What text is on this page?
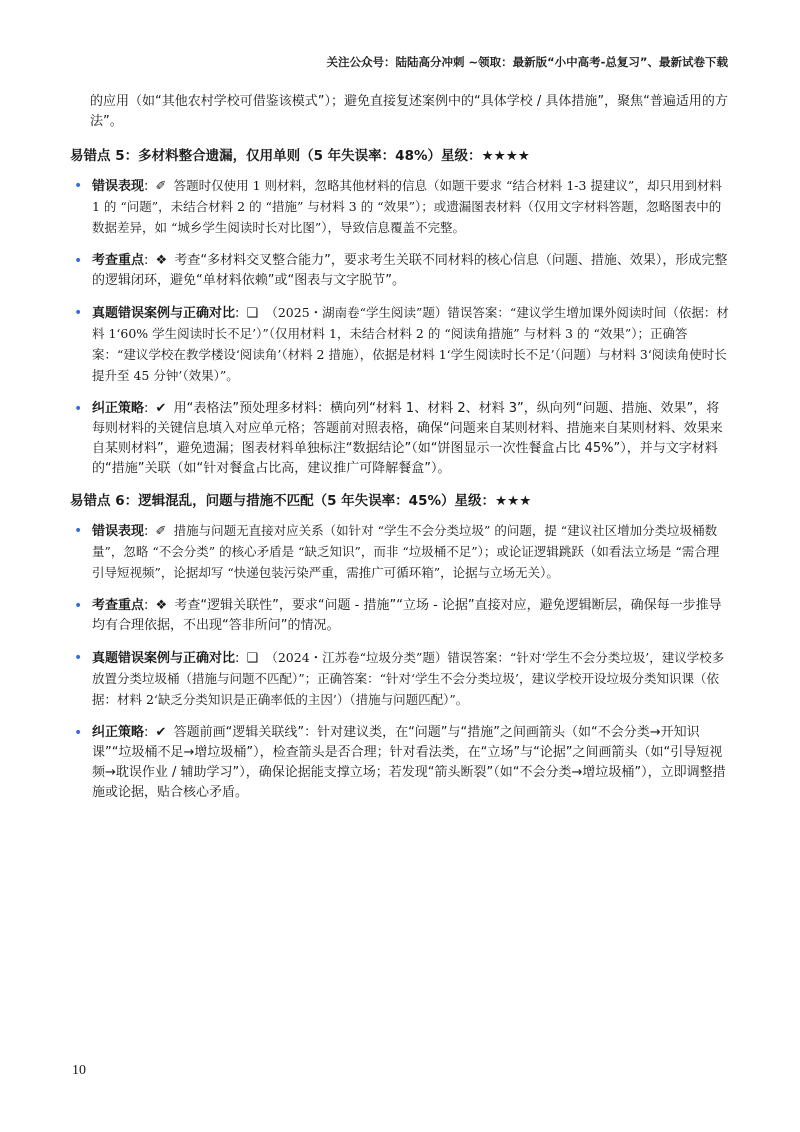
关注公众号：陆陆高分冲刺 ~领取：最新版“小中高考-总复习”、最新试卷下载

的应用（如“其他农村学校可借鉴该模式”）；避免直接复述案例中的“具体学校 / 具体措施”，聚焦“普遍适用的方法”。

易错点 5：多材料整合遗漏，仅用单则（5 年失误率：48%）星级：★★★★
• 错误表现: ✐ 答题时仅使用 1 则材料，忽略其他材料的信息（如题干要求 “结合材料 1-3 提建议”，却只用到材料 1 的 “问题”，未结合材料 2 的 “措施” 与材料 3 的 “效果”）；或遗漏图表材料（仅用文字材料答题，忽略图表中的数据差异，如 “城乡学生阅读时长对比图”），导致信息覆盖不完整。
• 考查重点: ❖ 考查“多材料交叉整合能力”，要求考生关联不同材料的核心信息（问题、措施、效果），形成完整的逻辑闭环，避免“单材料依赖”或“图表与文字脱节”。
• 真题错误案例与正确对比: ❑ （2025・湖南卷“学生阅读”题）错误答案：“建议学生增加课外阅读时间（依据：材料 1‘60% 学生阅读时长不足’）”（仅用材料 1，未结合材料 2 的 “阅读角措施” 与材料 3 的 “效果”）；正确答案：“建议学校在教学楼设‘阅读角’（材料 2 措施），依据是材料 1‘学生阅读时长不足’（问题）与材料 3‘阅读角使时长提升至 45 分钟’（效果）”。
• 纠正策略: ✔ 用“表格法”预处理多材料：横向列“材料 1、材料 2、材料 3”，纵向列“问题、措施、效果”，将每则材料的关键信息填入对应单元格；答题前对照表格，确保“问题来自某则材料、措施来自某则材料、效果来自某则材料”，避免遗漏；图表材料单独标注“数据结论”（如“饼图显示一次性餐盒占比 45%”），并与文字材料的“措施”关联（如“针对餐盒占比高，建议推广可降解餐盒”）。
易错点 6：逻辑混乱，问题与措施不匹配（5 年失误率：45%）星级：★★★
• 错误表现: ✐ 措施与问题无直接对应关系（如针对 “学生不会分类垃圾” 的问题，提 “建议社区增加分类垃圾桶数量”，忽略 “不会分类” 的核心矛盾是 “缺乏知识”，而非 “垃圾桶不足”）；或论证逻辑跳跃（如看法立场是 “需合理引导短视频”，论据却写 “快递包装污染严重，需推广可循环箱”，论据与立场无关）。
• 考查重点: ❖ 考查“逻辑关联性”，要求“问题 - 措施”“立场 - 论据”直接对应，避免逻辑断层，确保每一步推导均有合理依据，不出现“答非所问”的情况。
• 真题错误案例与正确对比: ❑ （2024・江苏卷“垃圾分类”题）错误答案：“针对‘学生不会分类垃圾’，建议学校多放置分类垃圾桶（措施与问题不匹配）”；正确答案：“针对‘学生不会分类垃圾’，建议学校开设垃圾分类知识课（依据：材料 2‘缺乏分类知识是正确率低的主因’）（措施与问题匹配）”。
• 纠正策略: ✔ 答题前画“逻辑关联线”：针对建议类，在“问题”与“措施”之间画箭头（如“不会分类→开知识课”“垃圾桶不足→增垃圾桶”），检查箭头是否合理；针对看法类，在“立场”与“论据”之间画箭头（如“引导短视频→耽误作业 / 辅助学习”），确保论据能支撑立场；若发现“箭头断裂”（如“不会分类→增垃圾桶”），立即调整措施或论据，贴合核心矛盾。
10
